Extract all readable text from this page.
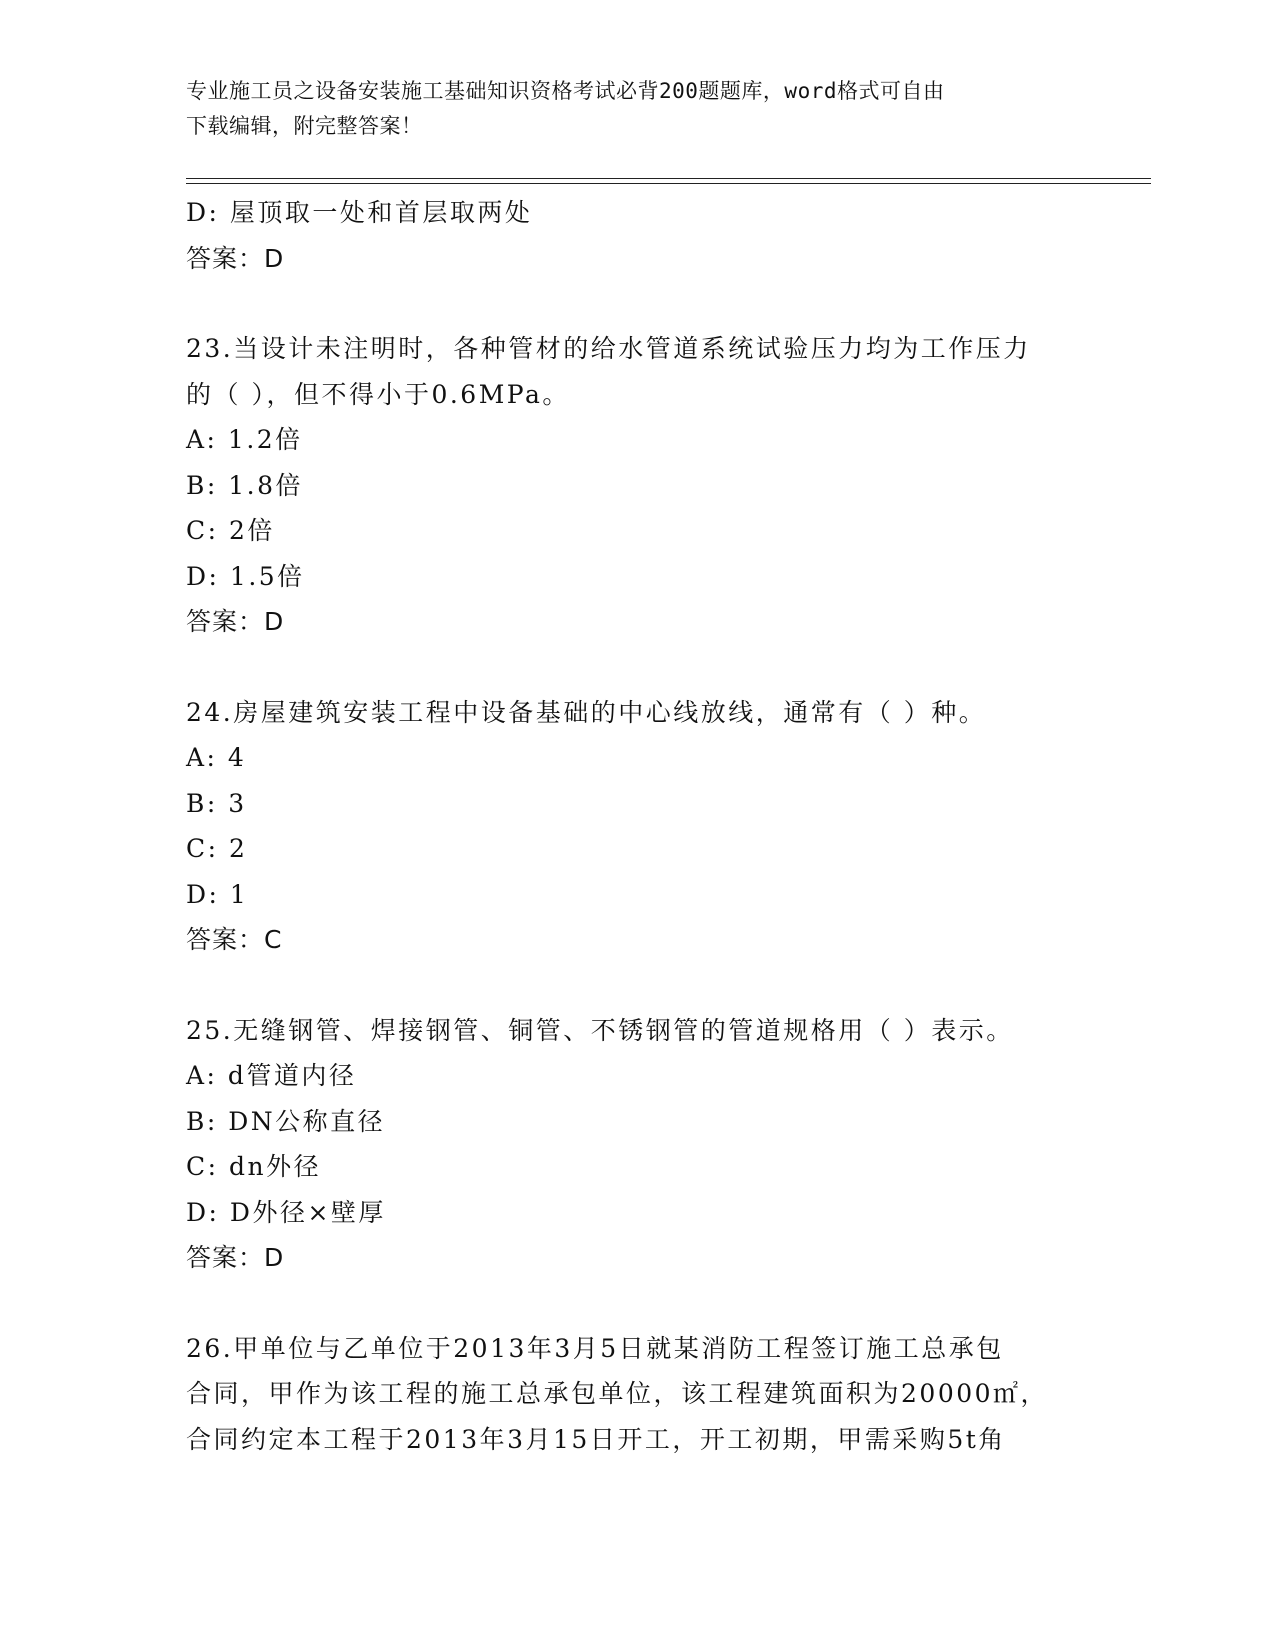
专业施工员之设备安装施工基础知识资格考试必背200题题库，word格式可自由
下载编辑，附完整答案！
D: 屋顶取一处和首层取两处
答案：D
23.当设计未注明时，各种管材的给水管道系统试验压力均为工作压力
的（ ），但不得小于0.6MPa。
A: 1.2倍
B: 1.8倍
C: 2倍
D: 1.5倍
答案：D
24.房屋建筑安装工程中设备基础的中心线放线，通常有（ ）种。
A: 4
B: 3
C: 2
D: 1
答案：C
25.无缝钢管、焊接钢管、铜管、不锈钢管的管道规格用（ ）表示。
A: d管道内径
B: DN公称直径
C: dn外径
D: D外径×壁厚
答案：D
26.甲单位与乙单位于2013年3月5日就某消防工程签订施工总承包
合同，甲作为该工程的施工总承包单位，该工程建筑面积为20000㎡，
合同约定本工程于2013年3月15日开工，开工初期，甲需采购5t角
